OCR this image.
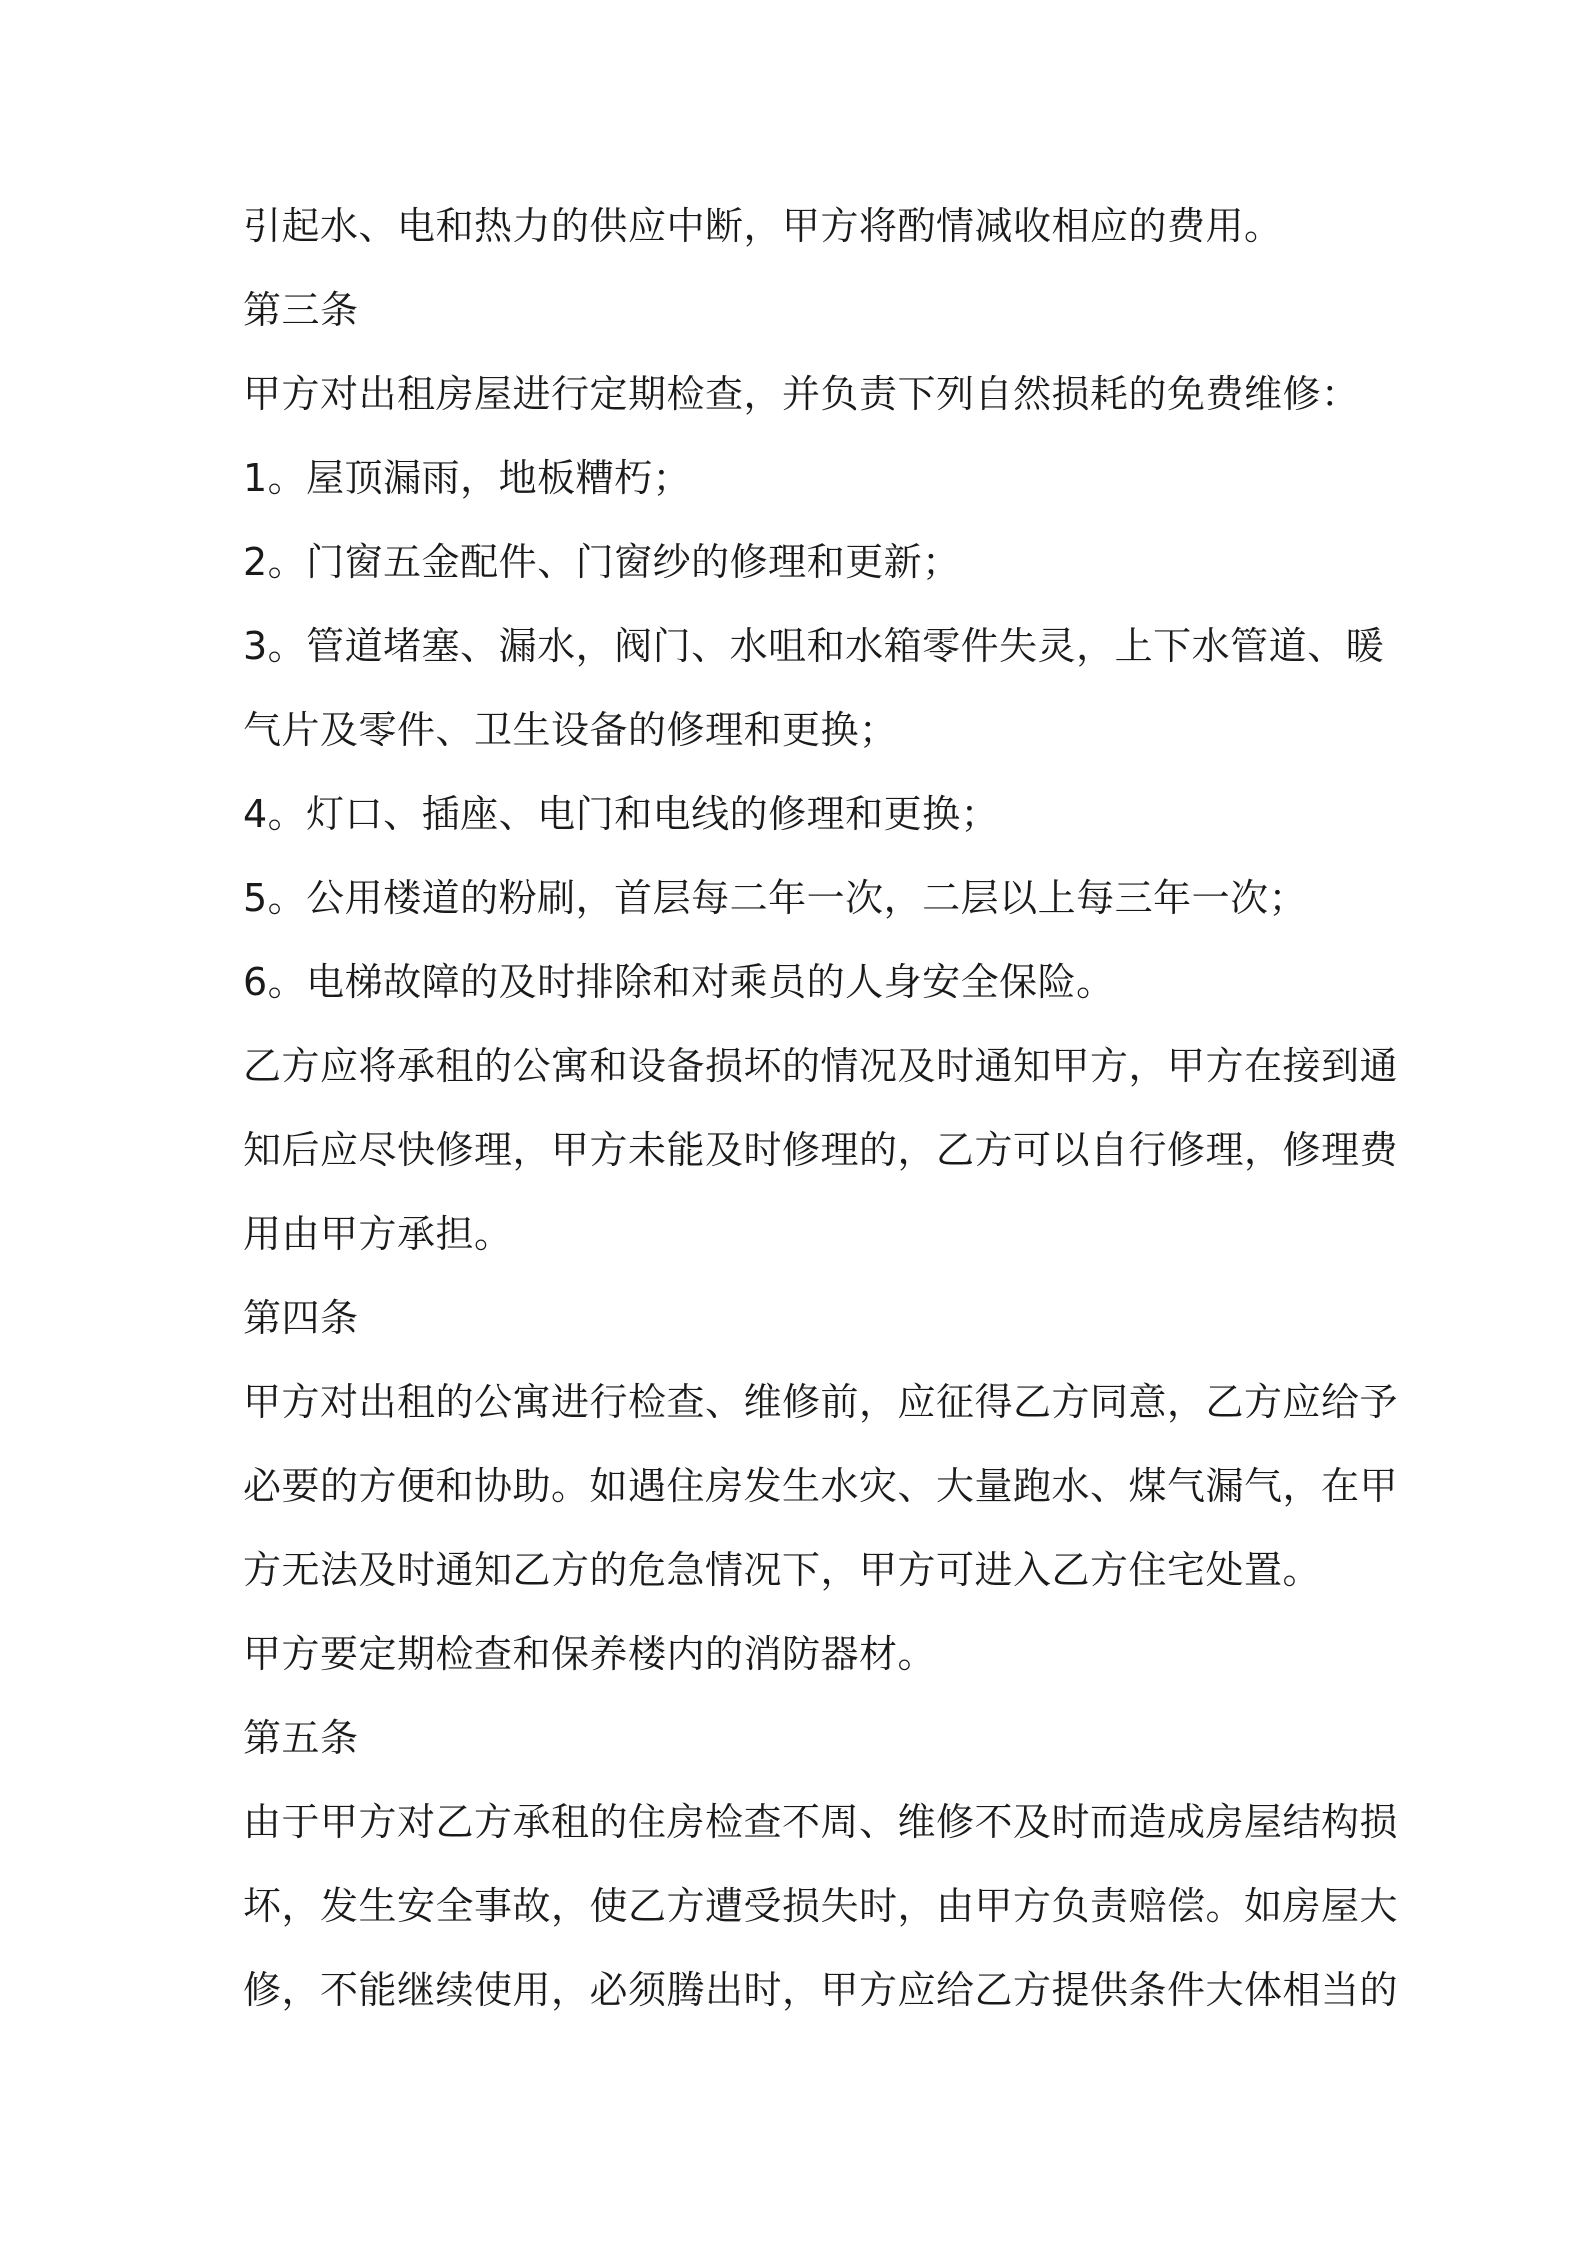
引起水、电和热力的供应中断，甲方将酌情减收相应的费用。
第三条
甲方对出租房屋进行定期检查，并负责下列自然损耗的免费维修：
1。屋顶漏雨，地板糟朽；
2。门窗五金配件、门窗纱的修理和更新；
3。管道堵塞、漏水，阀门、水咀和水箱零件失灵，上下水管道、暖
气片及零件、卫生设备的修理和更换；
4。灯口、插座、电门和电线的修理和更换；
5。公用楼道的粉刷，首层每二年一次，二层以上每三年一次；
6。电梯故障的及时排除和对乘员的人身安全保险。
乙方应将承租的公寓和设备损坏的情况及时通知甲方，甲方在接到通
知后应尽快修理，甲方未能及时修理的，乙方可以自行修理，修理费
用由甲方承担。
第四条
甲方对出租的公寓进行检查、维修前，应征得乙方同意，乙方应给予
必要的方便和协助。如遇住房发生水灾、大量跑水、煤气漏气，在甲
方无法及时通知乙方的危急情况下，甲方可进入乙方住宅处置。
甲方要定期检查和保养楼内的消防器材。
第五条
由于甲方对乙方承租的住房检查不周、维修不及时而造成房屋结构损
坏，发生安全事故，使乙方遭受损失时，由甲方负责赔偿。如房屋大
修，不能继续使用，必须腾出时，甲方应给乙方提供条件大体相当的
